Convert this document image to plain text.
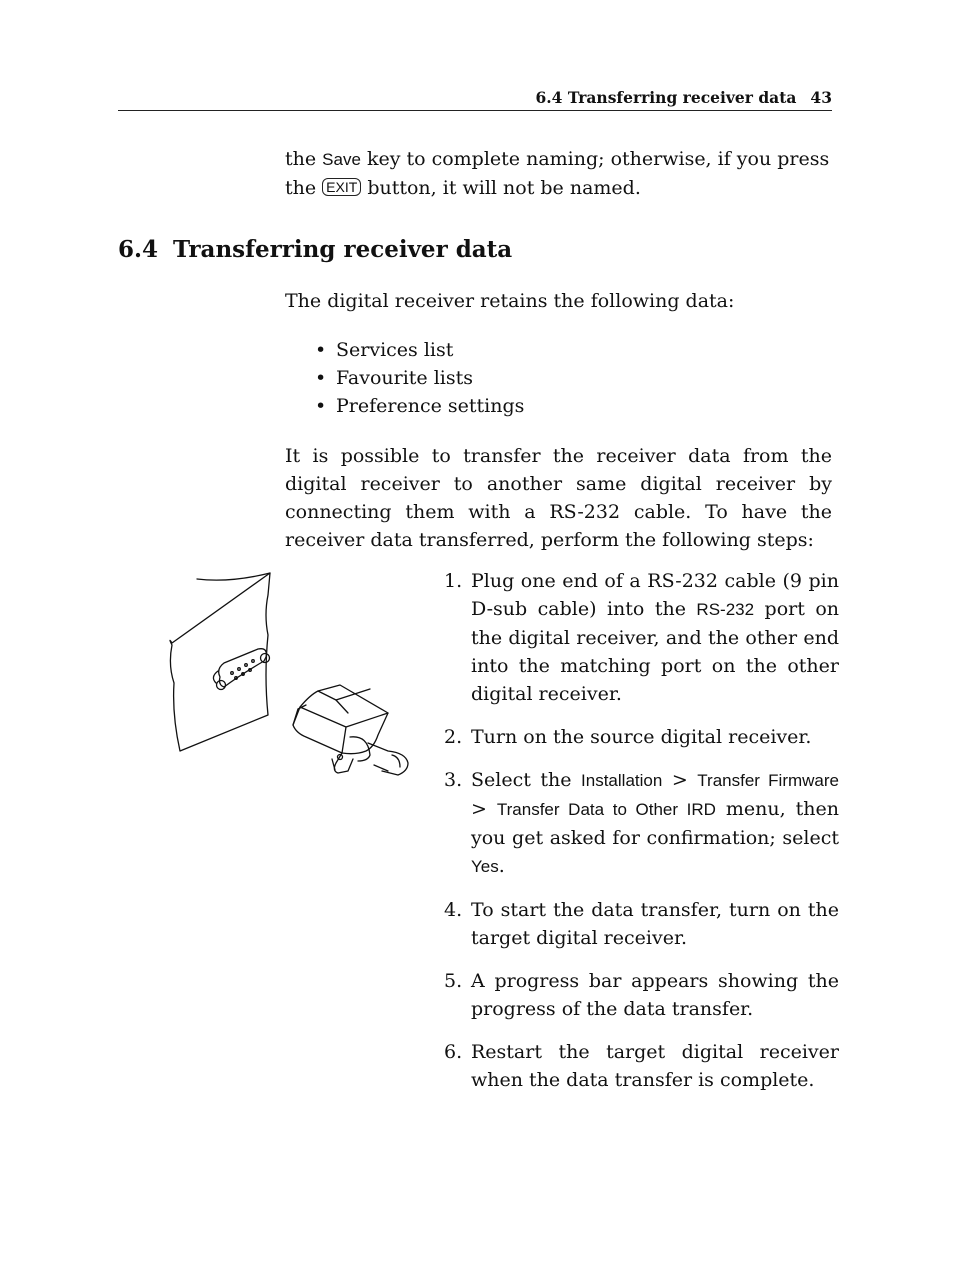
6.4 Transferring receiver data 43
the Save key to complete naming; otherwise, if you press the EXIT button, it will not be named.
6.4 Transferring receiver data
The digital receiver retains the following data:
• Services list
• Favourite lists
• Preference settings
It is possible to transfer the receiver data from the digital receiver to another same digital receiver by connecting them with a RS-232 cable. To have the receiver data transferred, perform the following steps:
1. Plug one end of a RS-232 cable (9 pin D-sub cable) into the RS-232 port on the digital receiver, and the other end into the matching port on the other digital receiver.
2. Turn on the source digital receiver.
3. Select the Installation > Transfer Firmware > Transfer Data to Other IRD menu, then you get asked for confirmation; select Yes.
4. To start the data transfer, turn on the target digital receiver.
5. A progress bar appears showing the progress of the data transfer.
6. Restart the target digital receiver when the data transfer is complete.
